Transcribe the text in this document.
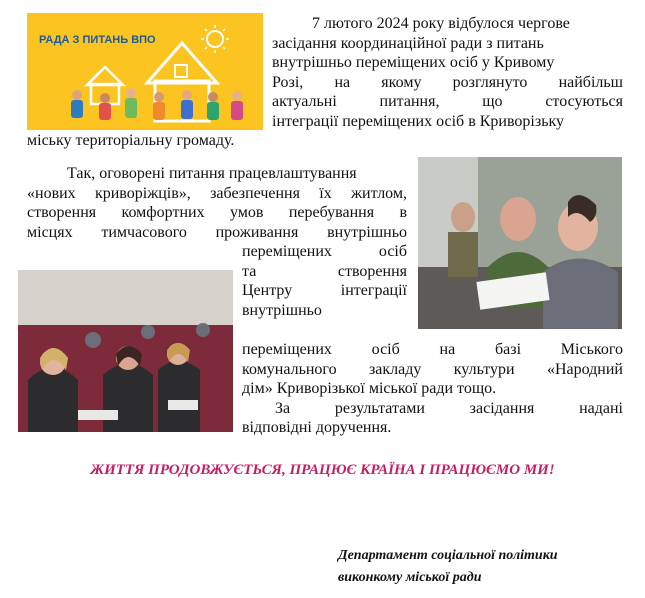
РАДА З ПИТАНЬ ВПО

7 лютого 2024 року відбулося чергове

засідання координаційної ради з питань

внутрішньо переміщених осіб у Кривому

Розі, на якому розглянуто найбільш

актуальні питання, що стосуються

інтеграції переміщених осіб в Криворізьку

міську територіальну громаду.

Так, оговорені питання працевлаштування

«нових криворіжців», забезпечення їх житлом,

створення комфортних умов перебування в

місцях тимчасового проживання внутрішньо

переміщених осіб

та створення

Центру інтеграції

внутрішньо

переміщених осіб на базі Міського

комунального закладу культури «Народний

дім» Криворізької міської ради тощо.

За результатами засідання надані

відповідні доручення.

ЖИТТЯ ПРОДОВЖУЄТЬСЯ, ПРАЦЮЄ КРАЇНА І ПРАЦЮЄМО МИ!
Департамент соціальної політики
виконкому міської ради
